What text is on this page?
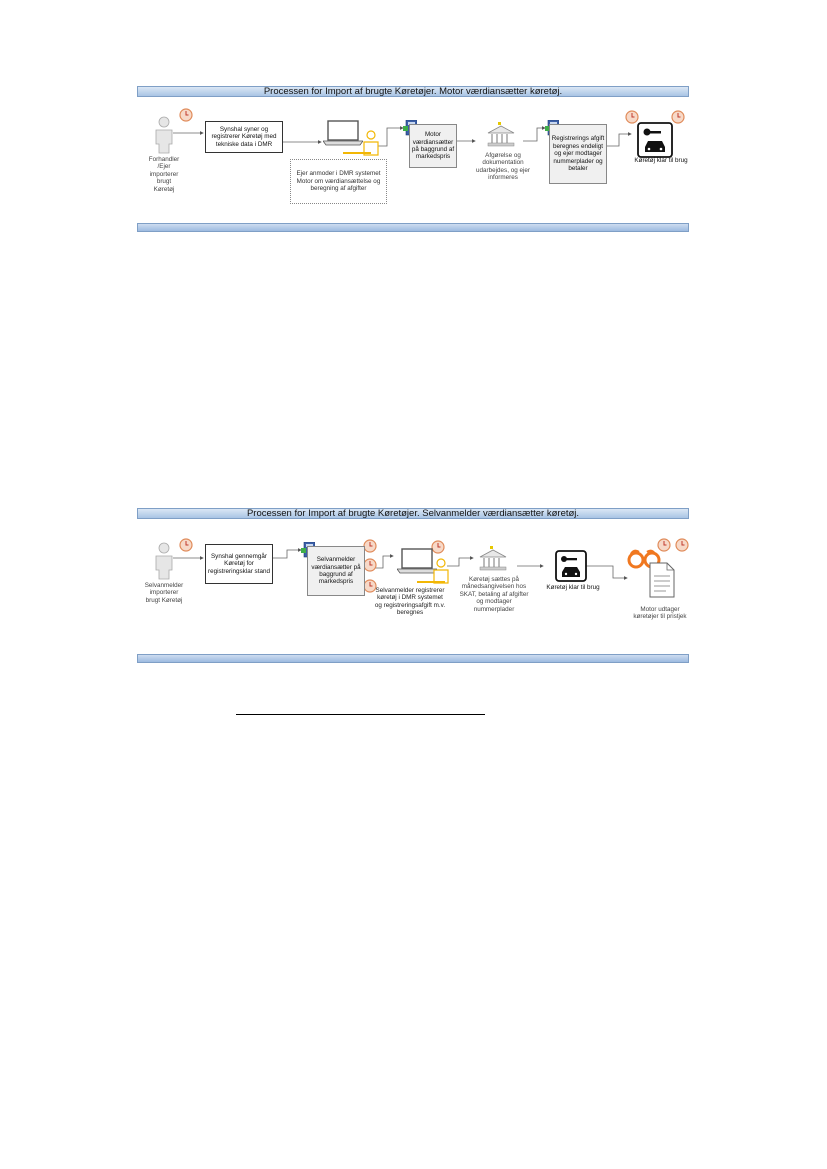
Processen for Import af brugte Køretøjer. Motor værdiansætter køretøj.
Forhandler
/Ejer
importerer
brugt
Køretøj
Synshal syner og registrerer Køretøj med tekniske data i DMR
Ejer anmoder i DMR systemet Motor om værdiansættelse og beregning af afgifter
Motor værdiansætter på baggrund af markedspris	Afgørelse og dokumentation udarbejdes, og ejer informeres
Registrerings afgift beregnes endeligt og ejer modtager nummerplader og betaler
Køretøj klar til brug
Processen for Import af brugte Køretøjer. Selvanmelder værdiansætter køretøj.
Selvanmelder
importerer
brugt Køretøj
Synshal gennemgår Køretøj for registreringsklar stand
Selvanmelder værdiansætter på baggrund af markedspris
Selvanmelder registrerer køretøj i DMR systemet og registreringsafgift m.v. beregnes
Køretøj sættes på månedsangivelsen hos SKAT, betaling af afgifter og modtager nummerplader
Køretøj klar til brug
Motor udtager køretøjer til pristjek
